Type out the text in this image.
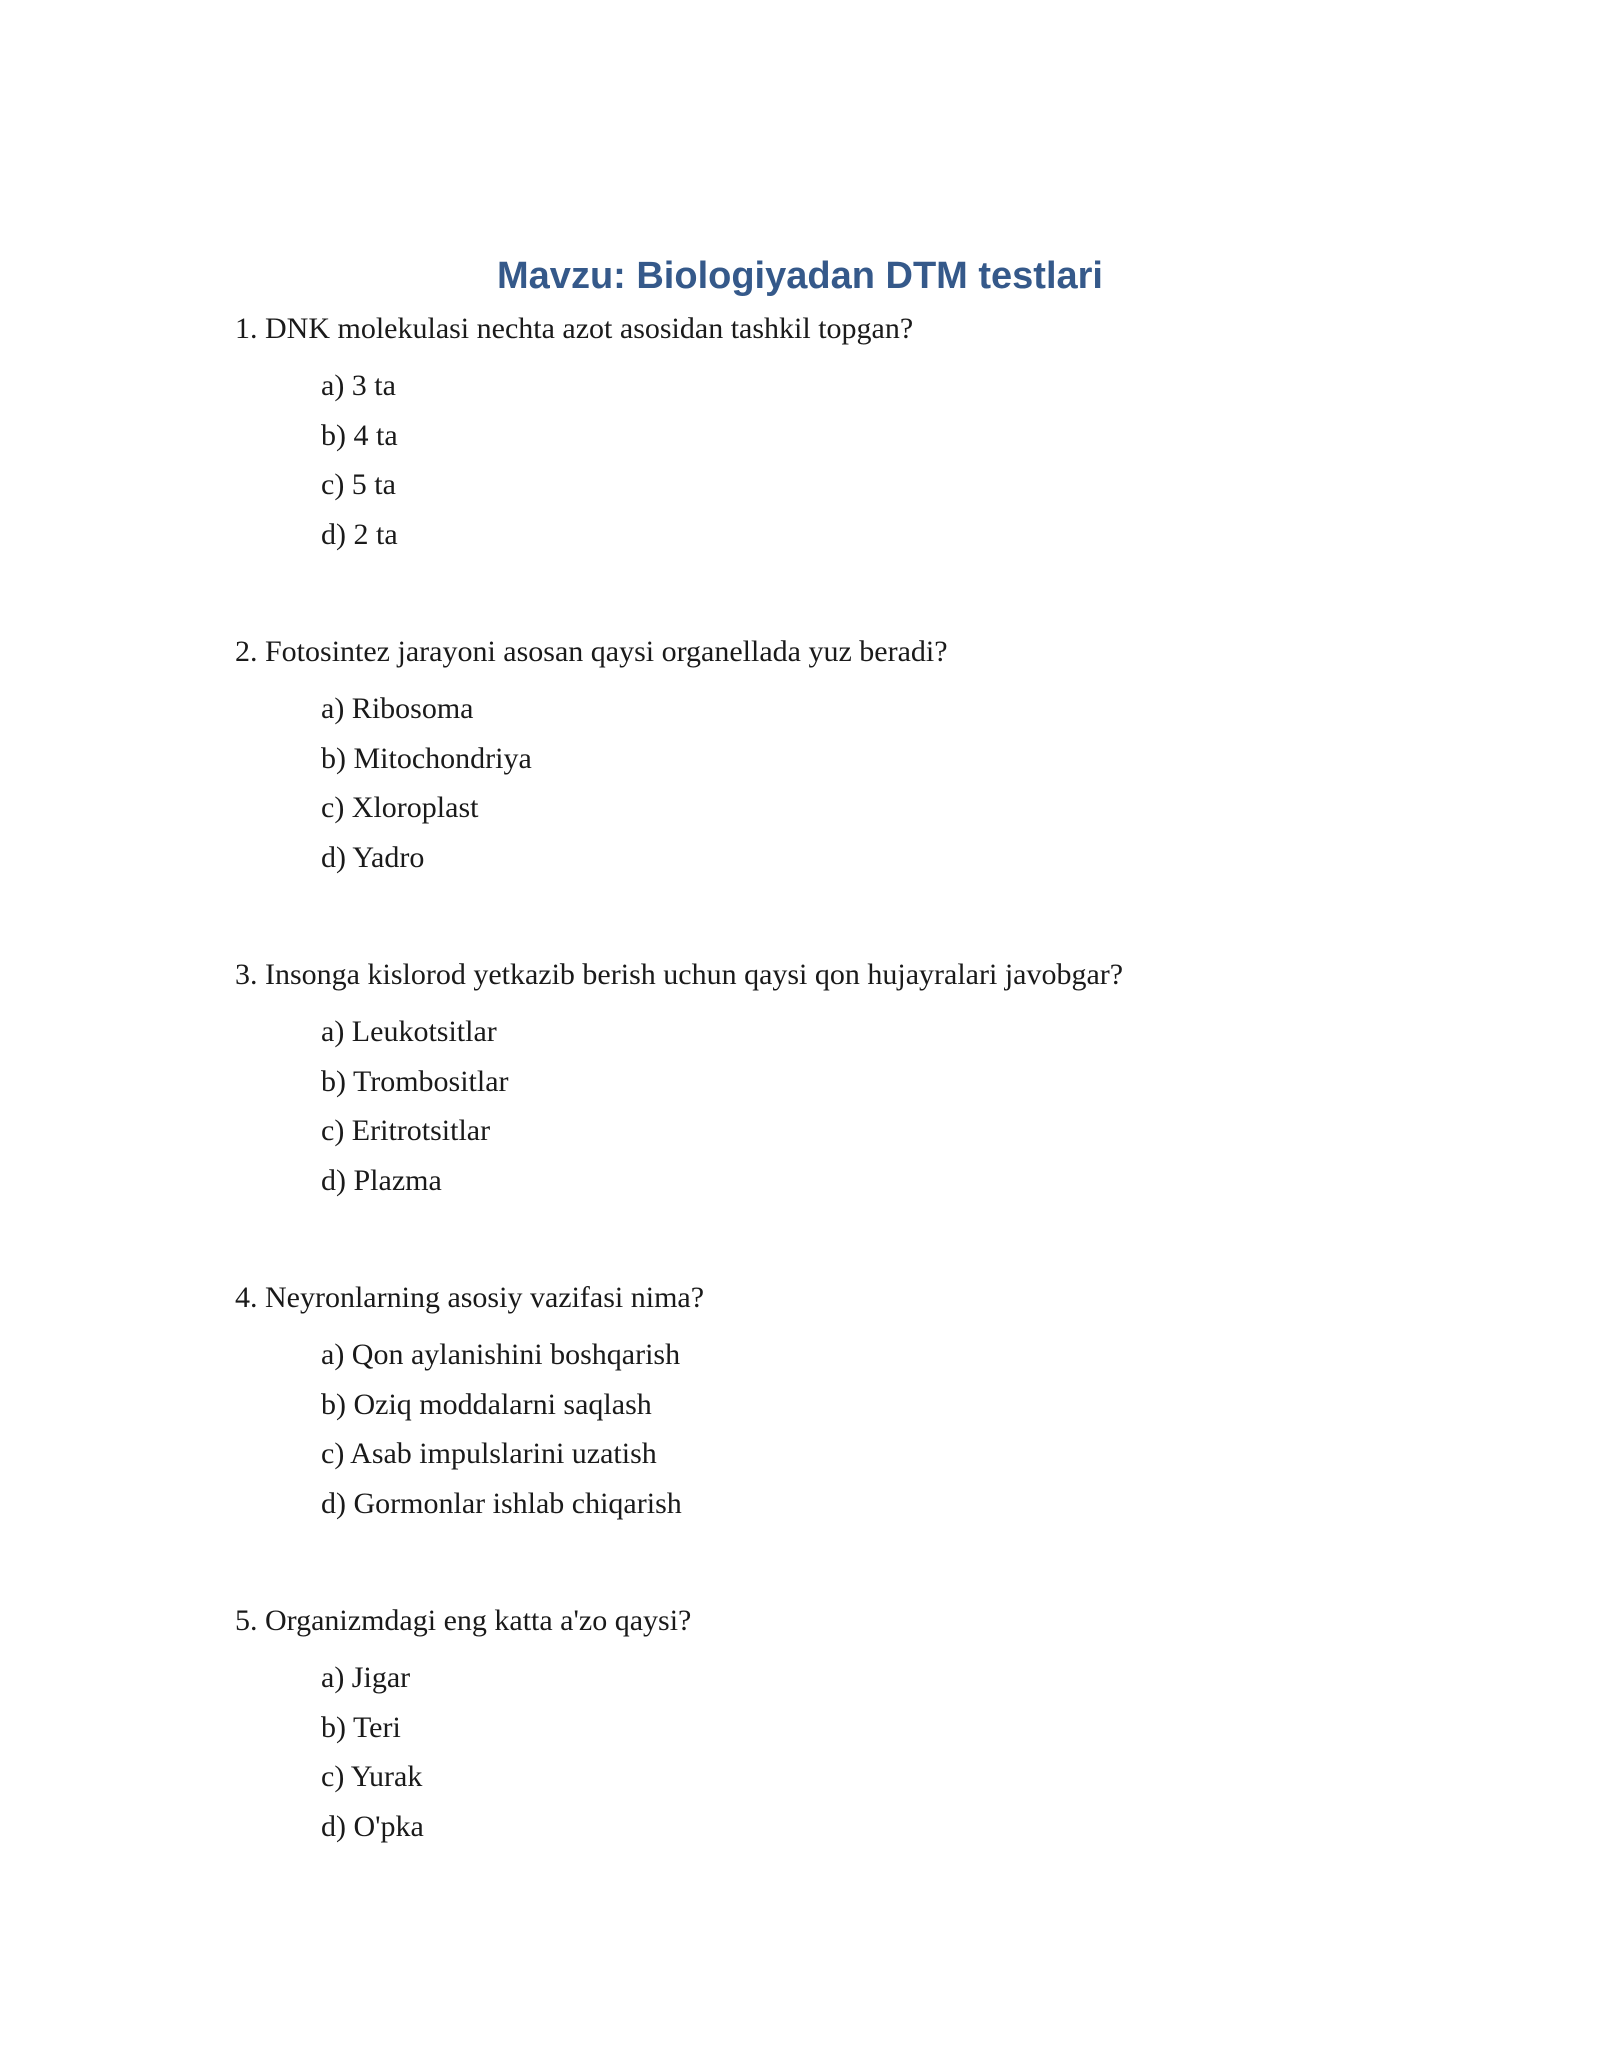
Mavzu: Biologiyadan DTM testlari
1. DNK molekulasi nechta azot asosidan tashkil topgan?
a) 3 ta
b) 4 ta
c) 5 ta
d) 2 ta
2. Fotosintez jarayoni asosan qaysi organellada yuz beradi?
a) Ribosoma
b) Mitochondriya
c) Xloroplast
d) Yadro
3. Insonga kislorod yetkazib berish uchun qaysi qon hujayralari javobgar?
a) Leukotsitlar
b) Trombositlar
c) Eritrotsitlar
d) Plazma
4. Neyronlarning asosiy vazifasi nima?
a) Qon aylanishini boshqarish
b) Oziq moddalarni saqlash
c) Asab impulslarini uzatish
d) Gormonlar ishlab chiqarish
5. Organizmdagi eng katta a'zo qaysi?
a) Jigar
b) Teri
c) Yurak
d) O'pka
